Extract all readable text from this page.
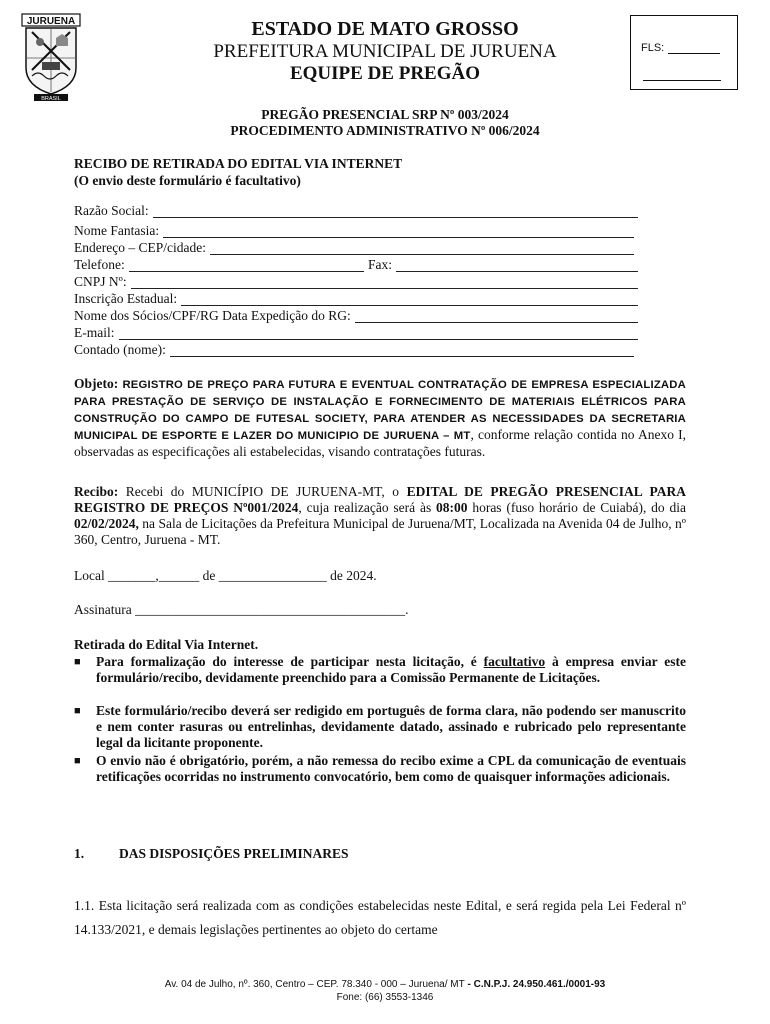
JURUENA
BRASIL
ESTADO DE MATO GROSSO
PREFEITURA MUNICIPAL DE JURUENA
EQUIPE DE PREGÃO
FLS:
PREGÃO PRESENCIAL SRP Nº 003/2024
PROCEDIMENTO ADMINISTRATIVO Nº 006/2024
RECIBO DE RETIRADA DO EDITAL VIA INTERNET
(O envio deste formulário é facultativo)
Razão Social:
Nome Fantasia:
Endereço – CEP/cidade:
Telefone:	Fax:
CNPJ Nº:
Inscrição Estadual:
Nome dos Sócios/CPF/RG Data Expedição do RG:
E-mail:
Contado (nome):
Objeto: REGISTRO DE PREÇO PARA FUTURA E EVENTUAL CONTRATAÇÃO DE EMPRESA ESPECIALIZADA PARA PRESTAÇÃO DE SERVIÇO DE INSTALAÇÃO E FORNECIMENTO DE MATERIAIS ELÉTRICOS PARA CONSTRUÇÃO DO CAMPO DE FUTESAL SOCIETY, PARA ATENDER AS NECESSIDADES DA SECRETARIA MUNICIPAL DE ESPORTE E LAZER DO MUNICIPIO DE JURUENA – MT, conforme relação contida no Anexo I, observadas as especificações ali estabelecidas, visando contratações futuras.
Recibo: Recebi do MUNICÍPIO DE JURUENA-MT, o EDITAL DE PREGÃO PRESENCIAL PARA REGISTRO DE PREÇOS Nº001/2024, cuja realização será às 08:00 horas (fuso horário de Cuiabá), do dia 02/02/2024, na Sala de Licitações da Prefeitura Municipal de Juruena/MT, Localizada na Avenida 04 de Julho, nº 360, Centro, Juruena - MT.
Local _______,______ de ________________ de 2024.
Assinatura ________________________________________.
Retirada do Edital Via Internet.
■	Para formalização do interesse de participar nesta licitação, é facultativo à empresa enviar este formulário/recibo, devidamente preenchido para a Comissão Permanente de Licitações.
■	Este formulário/recibo deverá ser redigido em português de forma clara, não podendo ser manuscrito e nem conter rasuras ou entrelinhas, devidamente datado, assinado e rubricado pelo representante legal da licitante proponente.
■	O envio não é obrigatório, porém, a não remessa do recibo exime a CPL da comunicação de eventuais retificações ocorridas no instrumento convocatório, bem como de quaisquer informações adicionais.
1.	DAS DISPOSIÇÕES PRELIMINARES
1.1. Esta licitação será realizada com as condições estabelecidas neste Edital, e será regida pela Lei Federal nº 14.133/2021, e demais legislações pertinentes ao objeto do certame
Av. 04 de Julho, nº. 360, Centro – CEP. 78.340 - 000 – Juruena/ MT - C.N.P.J. 24.950.461./0001-93
Fone: (66) 3553-1346
